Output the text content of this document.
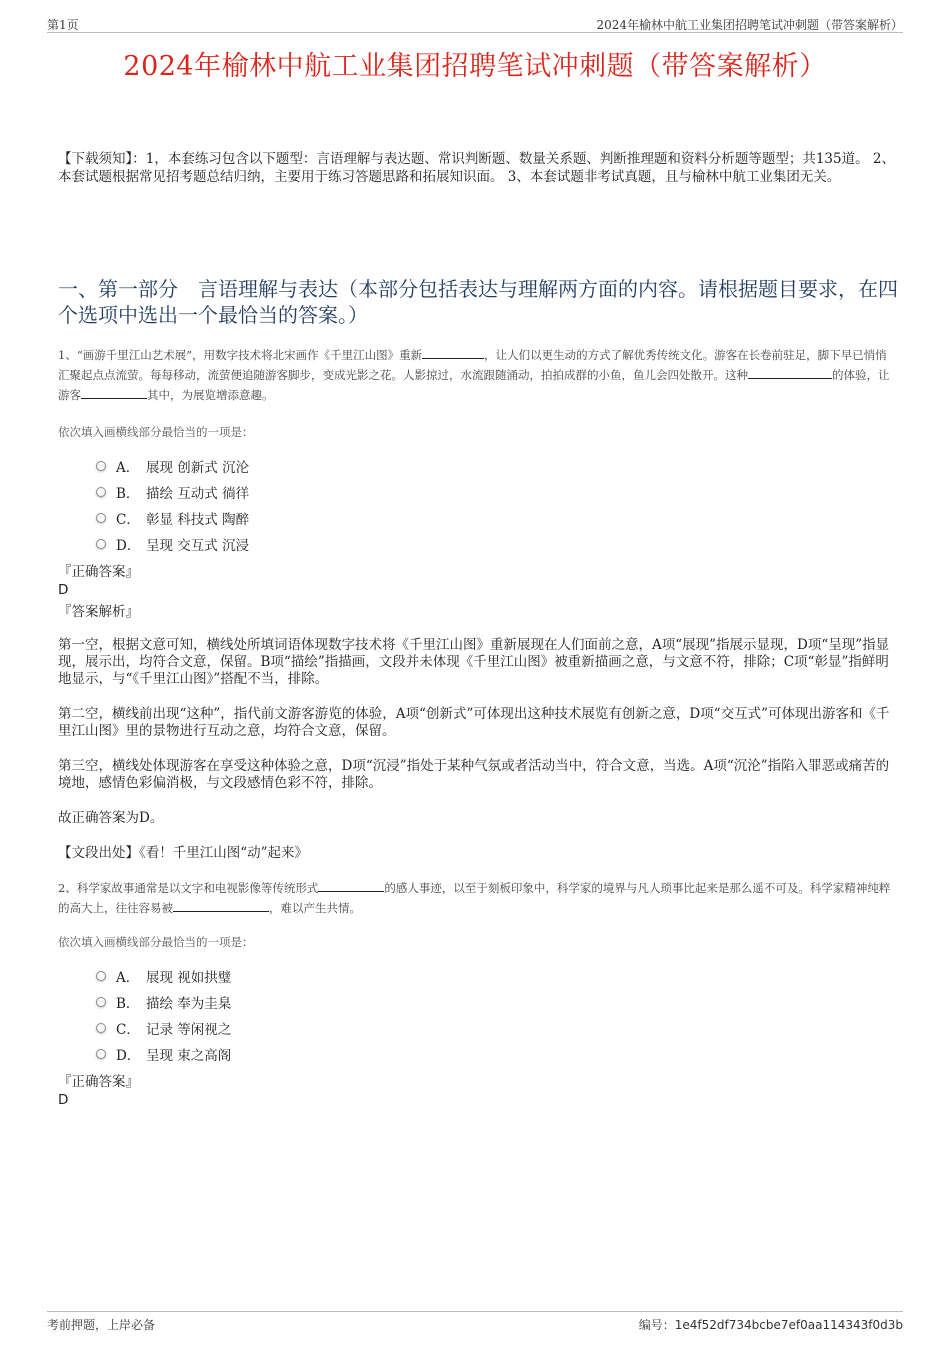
第1页	2024年榆林中航工业集团招聘笔试冲刺题（带答案解析）
2024年榆林中航工业集团招聘笔试冲刺题（带答案解析）
【下载须知】：1，本套练习包含以下题型：言语理解与表达题、常识判断题、数量关系题、判断推理题和资料分析题等题型；共135道。 2、本套试题根据常见招考题总结归纳，主要用于练习答题思路和拓展知识面。 3、本套试题非考试真题，且与榆林中航工业集团无关。
一、第一部分 言语理解与表达（本部分包括表达与理解两方面的内容。请根据题目要求，在四个选项中选出一个最恰当的答案。）
1、“画游千里江山艺术展”，用数字技术将北宋画作《千里江山图》重新	，让人们以更生动的方式了解优秀传统文化。游客在长卷前驻足，脚下早已悄悄汇聚起点点流萤。每每移动，流萤便追随游客脚步，变成光影之花。人影掠过，水流跟随涌动，拍拍成群的小鱼，鱼儿会四处散开。这种	的体验，让游客	其中，为展览增添意趣。
依次填入画横线部分最恰当的一项是：
A． 展现 创新式 沉沦
B． 描绘 互动式 徜徉
C． 彰显 科技式 陶醉
D． 呈现 交互式 沉浸
『正确答案』
D
『答案解析』
第一空，根据文意可知，横线处所填词语体现数字技术将《千里江山图》重新展现在人们面前之意，A项“展现”指展示显现，D项“呈现”指显现，展示出，均符合文意，保留。B项“描绘”指描画，文段并未体现《千里江山图》被重新描画之意，与文意不符，排除；C项“彰显”指鲜明地显示，与“《千里江山图》”搭配不当，排除。
第二空，横线前出现“这种”，指代前文游客游览的体验，A项“创新式”可体现出这种技术展览有创新之意，D项“交互式”可体现出游客和《千里江山图》里的景物进行互动之意，均符合文意，保留。
第三空，横线处体现游客在享受这种体验之意，D项“沉浸”指处于某种气氛或者活动当中，符合文意，当选。A项“沉沦”指陷入罪恶或痛苦的境地，感情色彩偏消极，与文段感情色彩不符，排除。
故正确答案为D。
【文段出处】《看！千里江山图“动”起来》
2、科学家故事通常是以文字和电视影像等传统形式	的感人事迹，以至于刻板印象中，科学家的境界与凡人琐事比起来是那么遥不可及。科学家精神纯粹的高大上，往往容易被	，难以产生共情。
依次填入画横线部分最恰当的一项是：
A． 展现 视如拱璧
B． 描绘 奉为圭臬
C． 记录 等闲视之
D． 呈现 束之高阁
『正确答案』
D
考前押题，上岸必备	编号：1e4f52df734bcbe7ef0aa114343f0d3b
